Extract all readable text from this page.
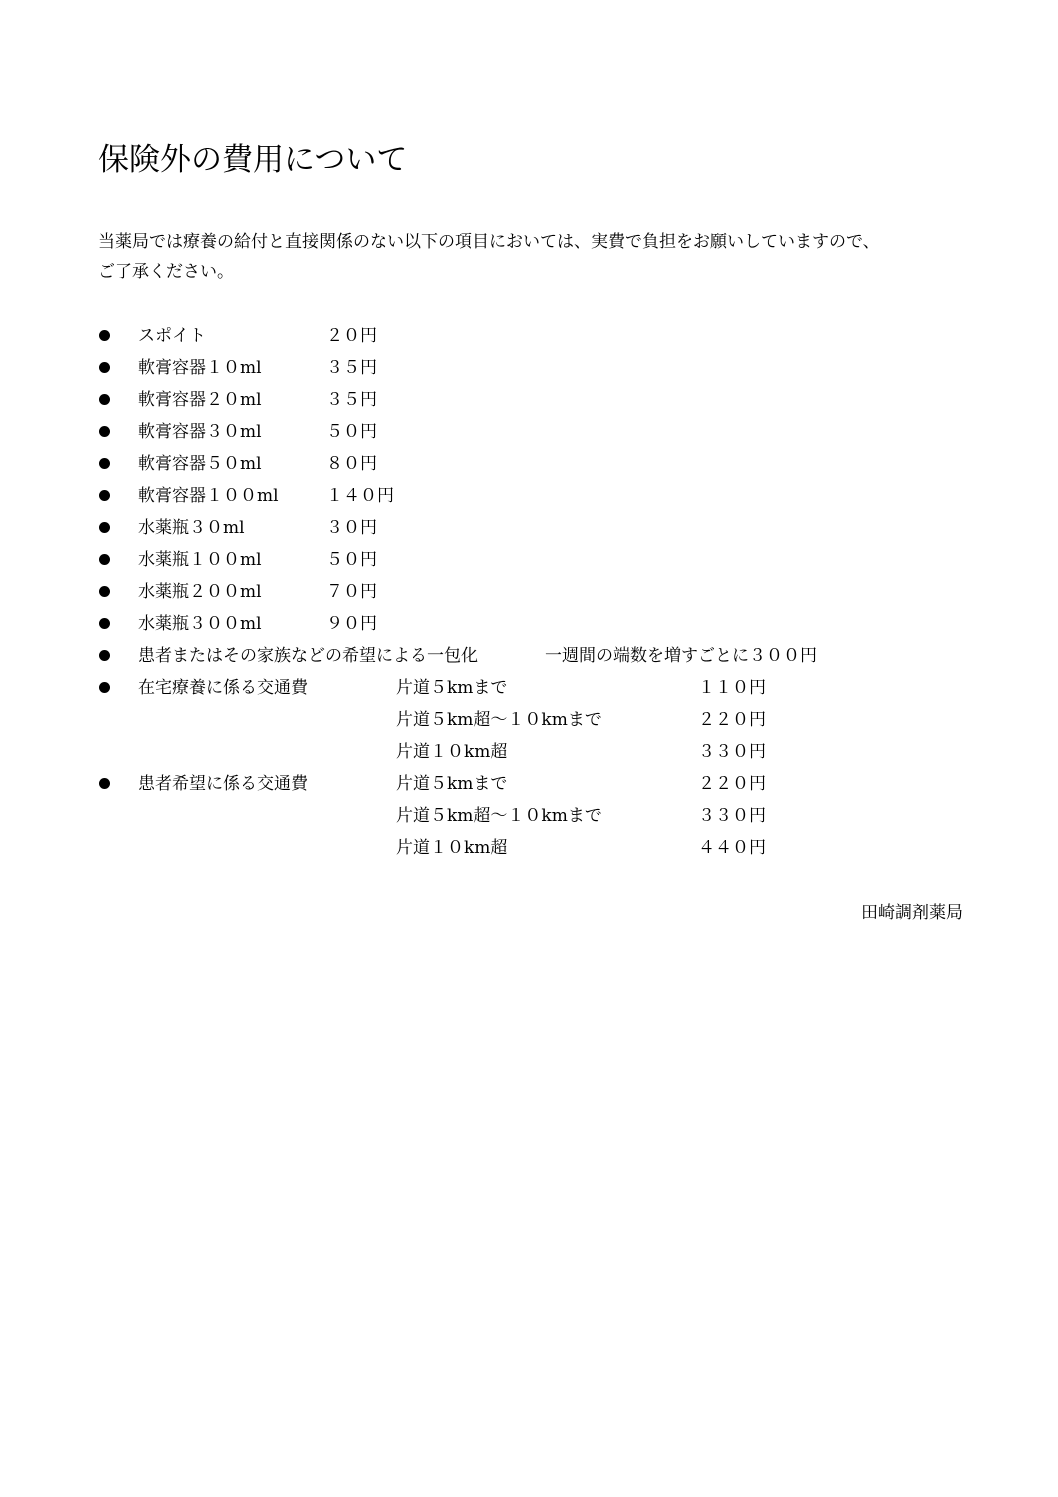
保険外の費用について
当薬局では療養の給付と直接関係のない以下の項目においては、実費で負担をお願いしていますので、
ご了承ください。
スポイト	２０円
軟膏容器１０ml	３５円
軟膏容器２０ml	３５円
軟膏容器３０ml	５０円
軟膏容器５０ml	８０円
軟膏容器１００ml	１４０円
水薬瓶３０ml	３０円
水薬瓶１００ml	５０円
水薬瓶２００ml	７０円
水薬瓶３００ml	９０円
患者またはその家族などの希望による一包化	一週間の端数を増すごとに３００円
在宅療養に係る交通費	片道５kmまで	１１０円
片道５km超～１０kmまで	２２０円
片道１０km超	３３０円
患者希望に係る交通費	片道５kmまで	２２０円
片道５km超～１０kmまで	３３０円
片道１０km超	４４０円
田崎調剤薬局
